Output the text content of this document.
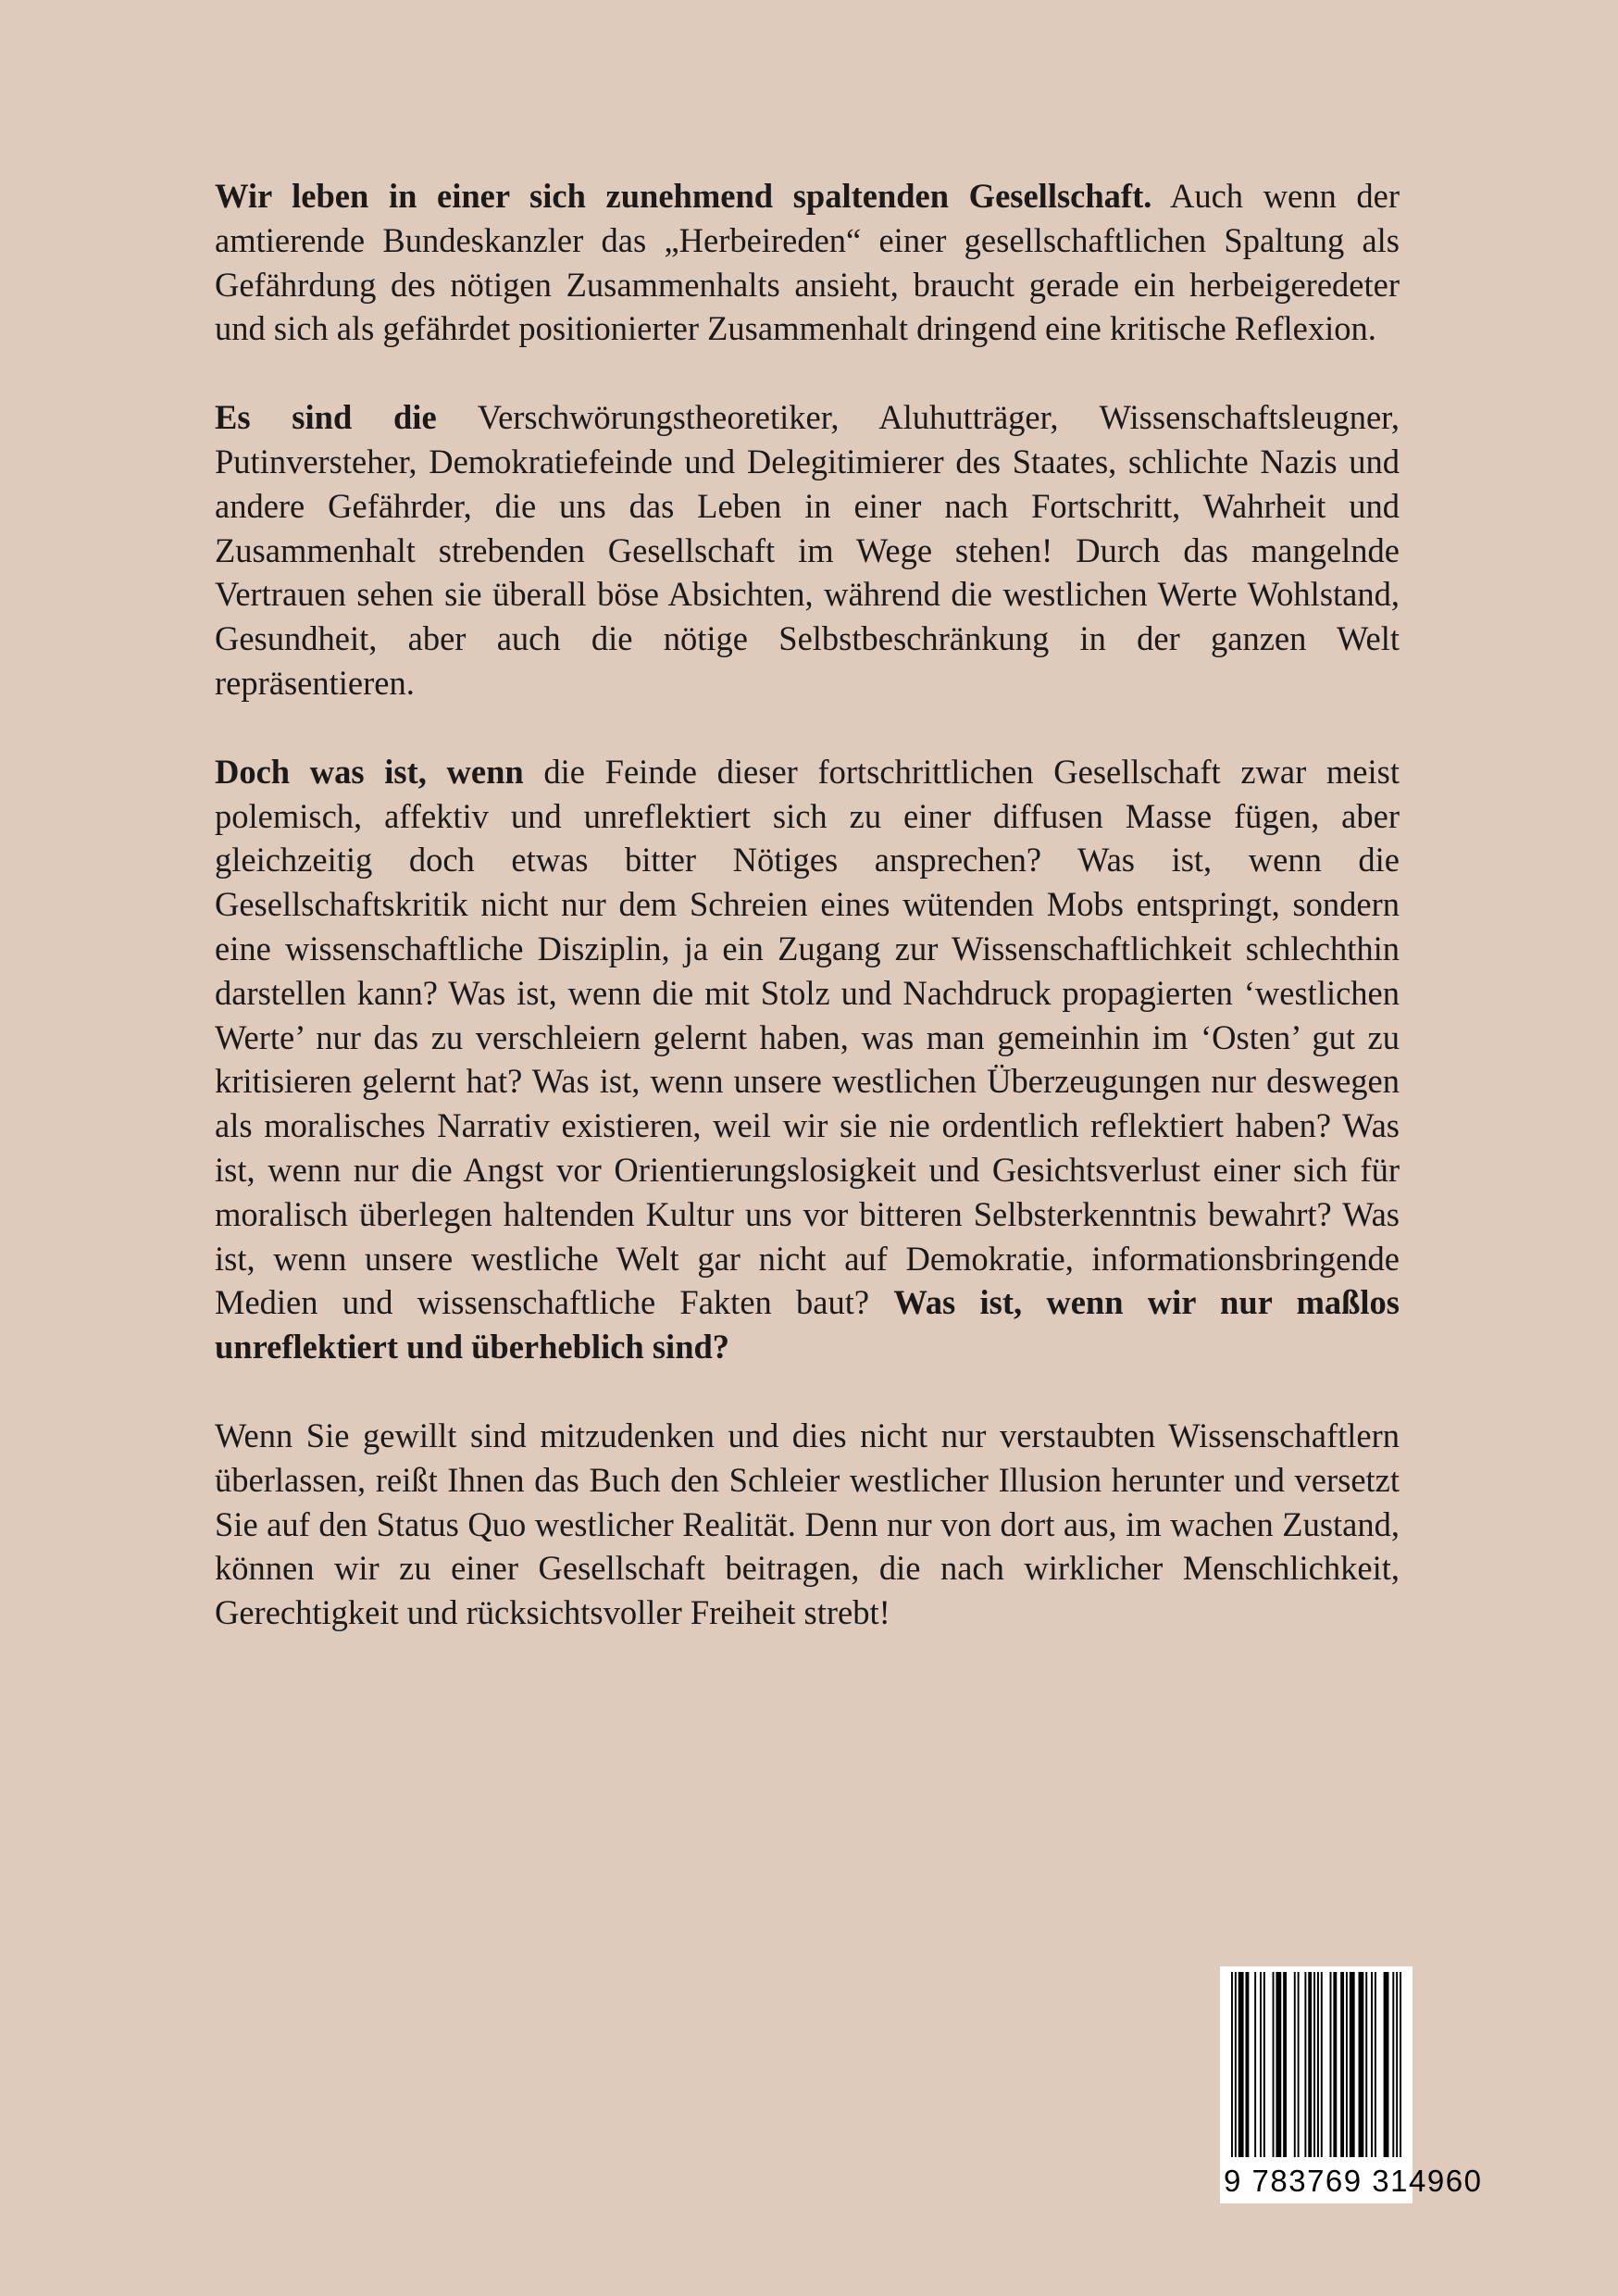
Wir leben in einer sich zunehmend spaltenden Gesellschaft. Auch wenn der amtierende Bundeskanzler das „Herbeireden“ einer gesellschaftlichen Spaltung als Gefährdung des nötigen Zusammenhalts ansieht, braucht gerade ein herbeigeredeter und sich als gefährdet positionierter Zusammenhalt dringend eine kritische Reflexion.

Es sind die Verschwörungstheoretiker, Aluhutträger, Wissenschaftsleugner, Putinversteher, Demokratiefeinde und Delegitimierer des Staates, schlichte Nazis und andere Gefährder, die uns das Leben in einer nach Fortschritt, Wahrheit und Zusammenhalt strebenden Gesellschaft im Wege stehen! Durch das mangelnde Vertrauen sehen sie überall böse Absichten, während die westlichen Werte Wohlstand, Gesundheit, aber auch die nötige Selbstbeschränkung in der ganzen Welt repräsentieren.

Doch was ist, wenn die Feinde dieser fortschrittlichen Gesellschaft zwar meist polemisch, affektiv und unreflektiert sich zu einer diffusen Masse fügen, aber gleichzeitig doch etwas bitter Nötiges ansprechen? Was ist, wenn die Gesellschaftskritik nicht nur dem Schreien eines wütenden Mobs entspringt, sondern eine wissenschaftliche Disziplin, ja ein Zugang zur Wissenschaftlichkeit schlechthin darstellen kann? Was ist, wenn die mit Stolz und Nachdruck propagierten ‘westlichen Werte’ nur das zu verschleiern gelernt haben, was man gemeinhin im ‘Osten’ gut zu kritisieren gelernt hat? Was ist, wenn unsere westlichen Überzeugungen nur deswegen als moralisches Narrativ existieren, weil wir sie nie ordentlich reflektiert haben? Was ist, wenn nur die Angst vor Orientierungslosigkeit und Gesichtsverlust einer sich für moralisch überlegen haltenden Kultur uns vor bitteren Selbsterkenntnis bewahrt? Was ist, wenn unsere westliche Welt gar nicht auf Demokratie, informationsbringende Medien und wissenschaftliche Fakten baut? Was ist, wenn wir nur maßlos unreflektiert und überheblich sind?

Wenn Sie gewillt sind mitzudenken und dies nicht nur verstaubten Wissenschaftlern überlassen, reißt Ihnen das Buch den Schleier westlicher Illusion herunter und versetzt Sie auf den Status Quo westlicher Realität. Denn nur von dort aus, im wachen Zustand, können wir zu einer Gesellschaft beitragen, die nach wirklicher Menschlichkeit, Gerechtigkeit und rücksichtsvoller Freiheit strebt!

9 783769 314960
